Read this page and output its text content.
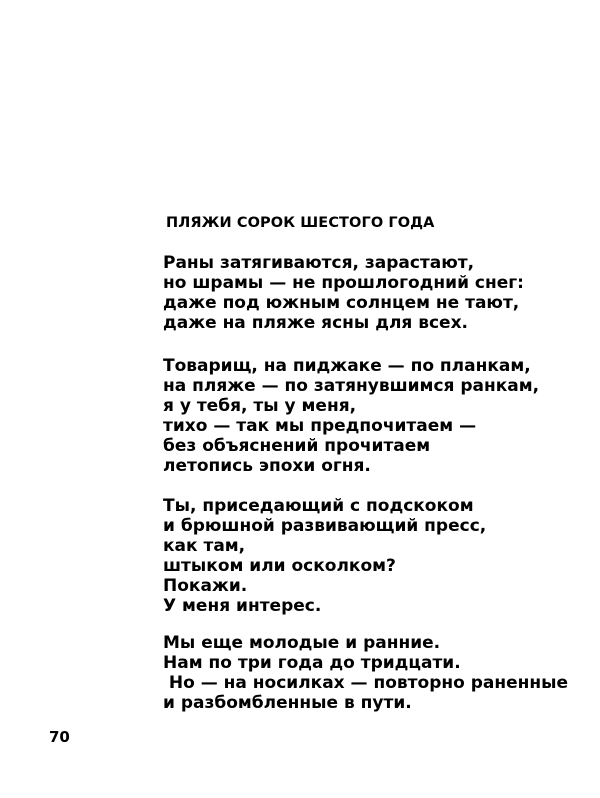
ПЛЯЖИ СОРОК ШЕСТОГО ГОДА
Раны затягиваются, зарастают,
но шрамы — не прошлогодний снег:
даже под южным солнцем не тают,
даже на пляже ясны для всех.
Товарищ, на пиджаке — по планкам,
на пляже — по затянувшимся ранкам,
я у тебя, ты у меня,
тихо — так мы предпочитаем —
без объяснений прочитаем
летопись эпохи огня.
Ты, приседающий с подскоком
и брюшной развивающий пресс,
как там,
штыком или осколком?
Покажи.
У меня интерес.
Мы еще молодые и ранние.
Нам по три года до тридцати.
Но — на носилках — повторно раненные
и разбомбленные в пути.
70
